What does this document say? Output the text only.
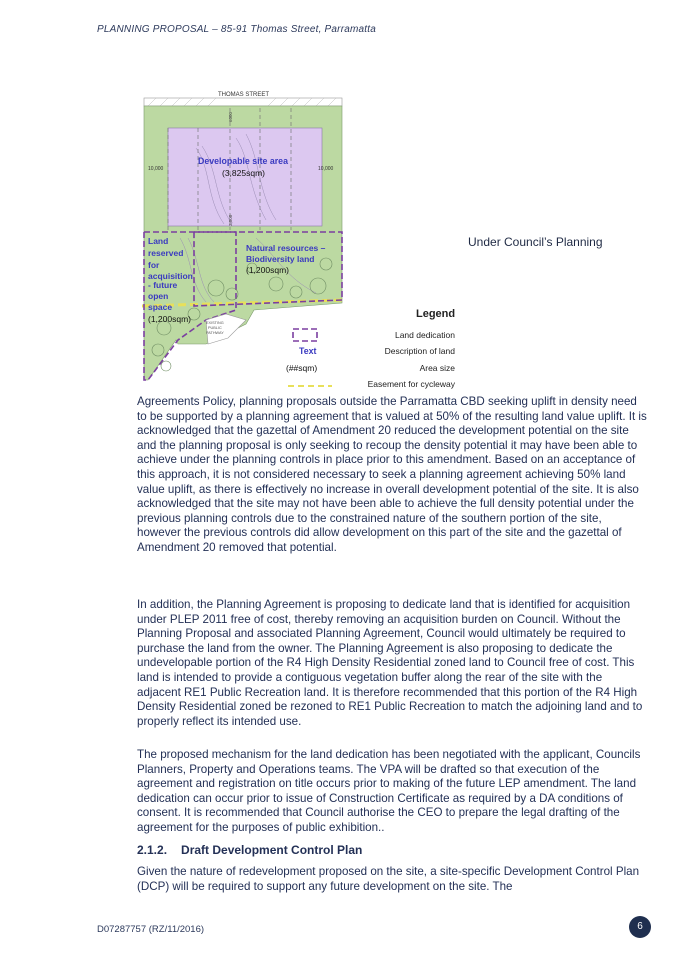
PLANNING PROPOSAL – 85-91 Thomas Street, Parramatta
THOMAS STREET
EXISTING
PUBLIC
PATHWAY
6000
3,000
10,000	10,000
Developable site area
(3,825sqm)
Land
reserved
for
acquisition
- future
open
space
(1,200sqm)
Natural resources –
Biodiversity land
(1,200sqm)
Legend
Land dedication
Text	Description of land
(##sqm)	Area size
Easement for cycleway
Under Council’s Planning

Agreements Policy, planning proposals outside the Parramatta CBD seeking uplift in density need to be supported by a planning agreement that is valued at 50% of the resulting land value uplift. It is acknowledged that the gazettal of Amendment 20 reduced the development potential on the site and the planning proposal is only seeking to recoup the density potential it may have been able to achieve under the planning controls in place prior to this amendment. Based on an acceptance of this approach, it is not considered necessary to seek a planning agreement achieving 50% land value uplift, as there is effectively no increase in overall development potential of the site. It is also acknowledged that the site may not have been able to achieve the full density potential under the previous planning controls due to the constrained nature of the southern portion of the site, however the previous controls did allow development on this part of the site and the gazettal of Amendment 20 removed that potential.

In addition, the Planning Agreement is proposing to dedicate land that is identified for acquisition under PLEP 2011 free of cost, thereby removing an acquisition burden on Council. Without the Planning Proposal and associated Planning Agreement, Council would ultimately be required to purchase the land from the owner. The Planning Agreement is also proposing to dedicate the undevelopable portion of the R4 High Density Residential zoned land to Council free of cost. This land is intended to provide a contiguous vegetation buffer along the rear of the site with the adjacent RE1 Public Recreation land. It is therefore recommended that this portion of the R4 High Density Residential zoned be rezoned to RE1 Public Recreation to match the adjoining land and to properly reflect its intended use.

The proposed mechanism for the land dedication has been negotiated with the applicant, Councils Planners, Property and Operations teams. The VPA will be drafted so that execution of the agreement and registration on title occurs prior to making of the future LEP amendment. The land dedication can occur prior to issue of Construction Certificate as required by a DA conditions of consent. It is recommended that Council authorise the CEO to prepare the legal drafting of the agreement for the purposes of public exhibition..

2.1.2. Draft Development Control Plan

Given the nature of redevelopment proposed on the site, a site-specific Development Control Plan (DCP) will be required to support any future development on the site. The

D07287757 (RZ/11/2016)	6
